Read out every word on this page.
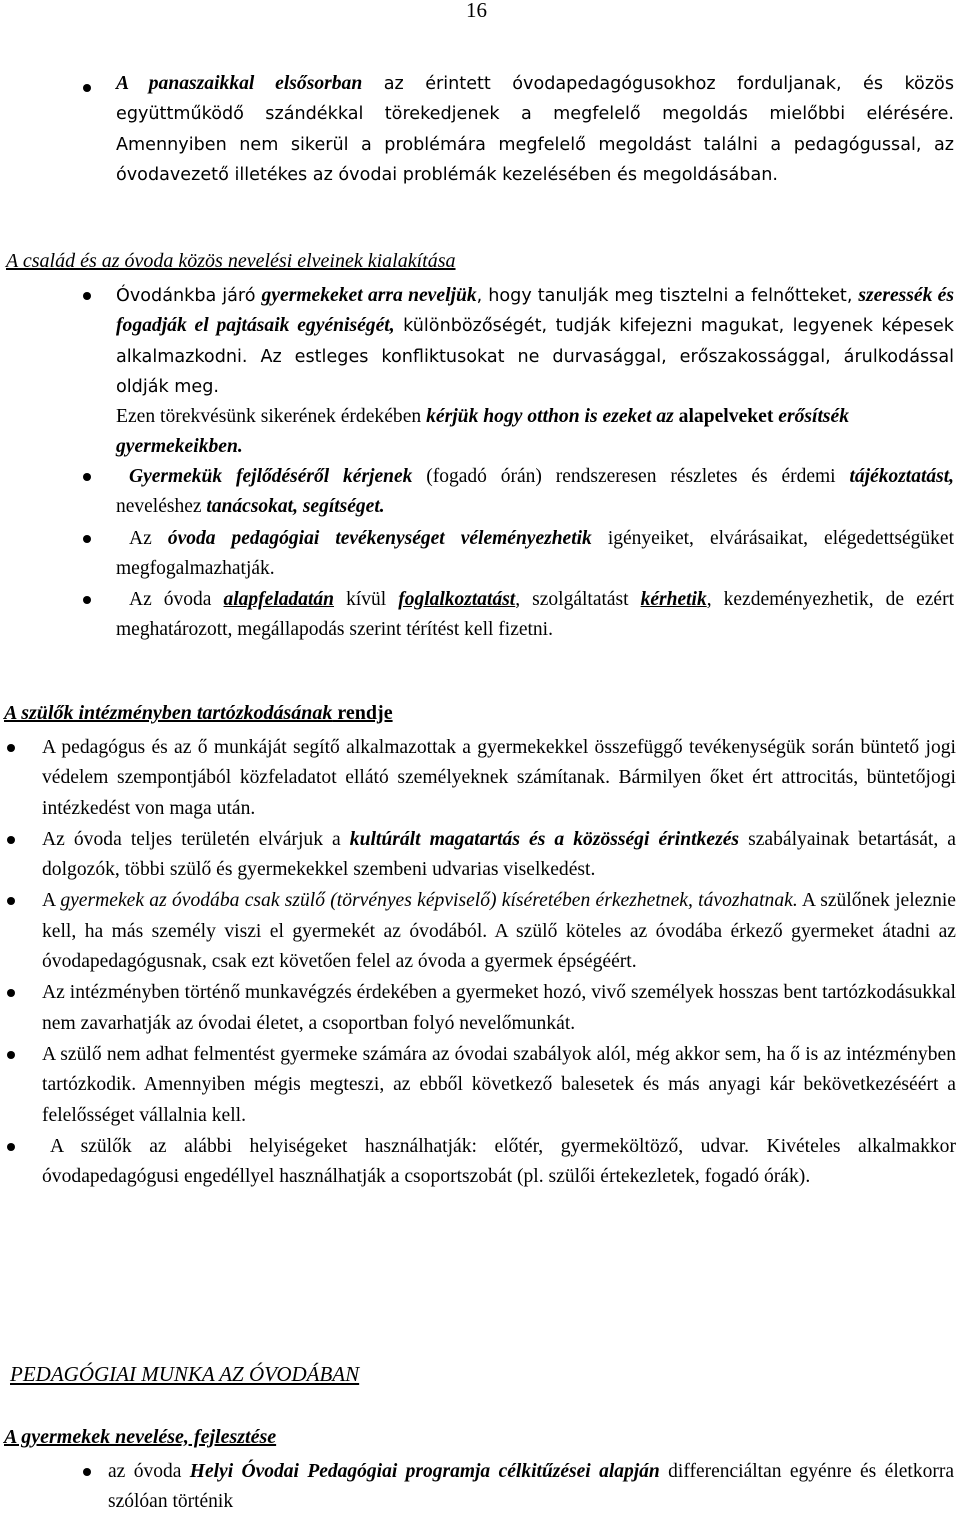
16
A panaszaikkal elsősorban az érintett óvodapedagógusokhoz forduljanak, és közös együttműködő szándékkal törekedjenek a megfelelő megoldás mielőbbi elérésére. Amennyiben nem sikerül a problémára megfelelő megoldást találni a pedagógussal, az óvodavezető illetékes az óvodai problémák kezelésében és megoldásában.
A család és az óvoda közös nevelési elveinek kialakítása
Óvodánkba járó gyermekeket arra neveljük, hogy tanulják meg tisztelni a felnőtteket, szeressék és fogadják el pajtásaik egyéniségét, különbözőségét, tudják kifejezni magukat, legyenek képesek alkalmazkodni. Az estleges konfliktusokat ne durvasággal, erőszakossággal, árulkodással oldják meg.
Ezen törekvésünk sikerének érdekében kérjük hogy otthon is ezeket az alapelveket erősítsék gyermekeikben.
Gyermekük fejlődéséről kérjenek (fogadó órán) rendszeresen részletes és érdemi tájékoztatást, neveléshez tanácsokat, segítséget.
Az óvoda pedagógiai tevékenységet véleményezhetik igényeiket, elvárásaikat, elégedettségüket megfogalmazhatják.
Az óvoda alapfeladatán kívül foglalkoztatást, szolgáltatást kérhetik, kezdeményezhetik, de ezért meghatározott, megállapodás szerint térítést kell fizetni.
A szülők intézményben tartózkodásának rendje
A pedagógus és az ő munkáját segítő alkalmazottak a gyermekekkel összefüggő tevékenységük során büntető jogi védelem szempontjából közfeladatot ellátó személyeknek számítanak. Bármilyen őket ért attrocitás, büntetőjogi intézkedést von maga után.
Az óvoda teljes területén elvárjuk a kultúrált magatartás és a közösségi érintkezés szabályainak betartását, a dolgozók, többi szülő és gyermekekkel szembeni udvarias viselkedést.
A gyermekek az óvodába csak szülő (törvényes képviselő) kíséretében érkezhetnek, távozhatnak. A szülőnek jeleznie kell, ha más személy viszi el gyermekét az óvodából. A szülő köteles az óvodába érkező gyermeket átadni az óvodapedagógusnak, csak ezt követően felel az óvoda a gyermek épségéért.
Az intézményben történő munkavégzés érdekében a gyermeket hozó, vivő személyek hosszas bent tartózkodásukkal nem zavarhatják az óvodai életet, a csoportban folyó nevelőmunkát.
A szülő nem adhat felmentést gyermeke számára az óvodai szabályok alól, még akkor sem, ha ő is az intézményben tartózkodik. Amennyiben mégis megteszi, az ebből következő balesetek és más anyagi kár bekövetkezéséért a felelősséget vállalnia kell.
A szülők az alábbi helyiségeket használhatják: előtér, gyermeköltöző, udvar. Kivételes alkalmakkor óvodapedagógusi engedéllyel használhatják a csoportszobát (pl. szülői értekezletek, fogadó órák).
PEDAGÓGIAI MUNKA AZ ÓVODÁBAN
A gyermekek nevelése, fejlesztése
az óvoda Helyi Óvodai Pedagógiai programja célkitűzései alapján differenciáltan egyénre és életkorra szólóan történik
